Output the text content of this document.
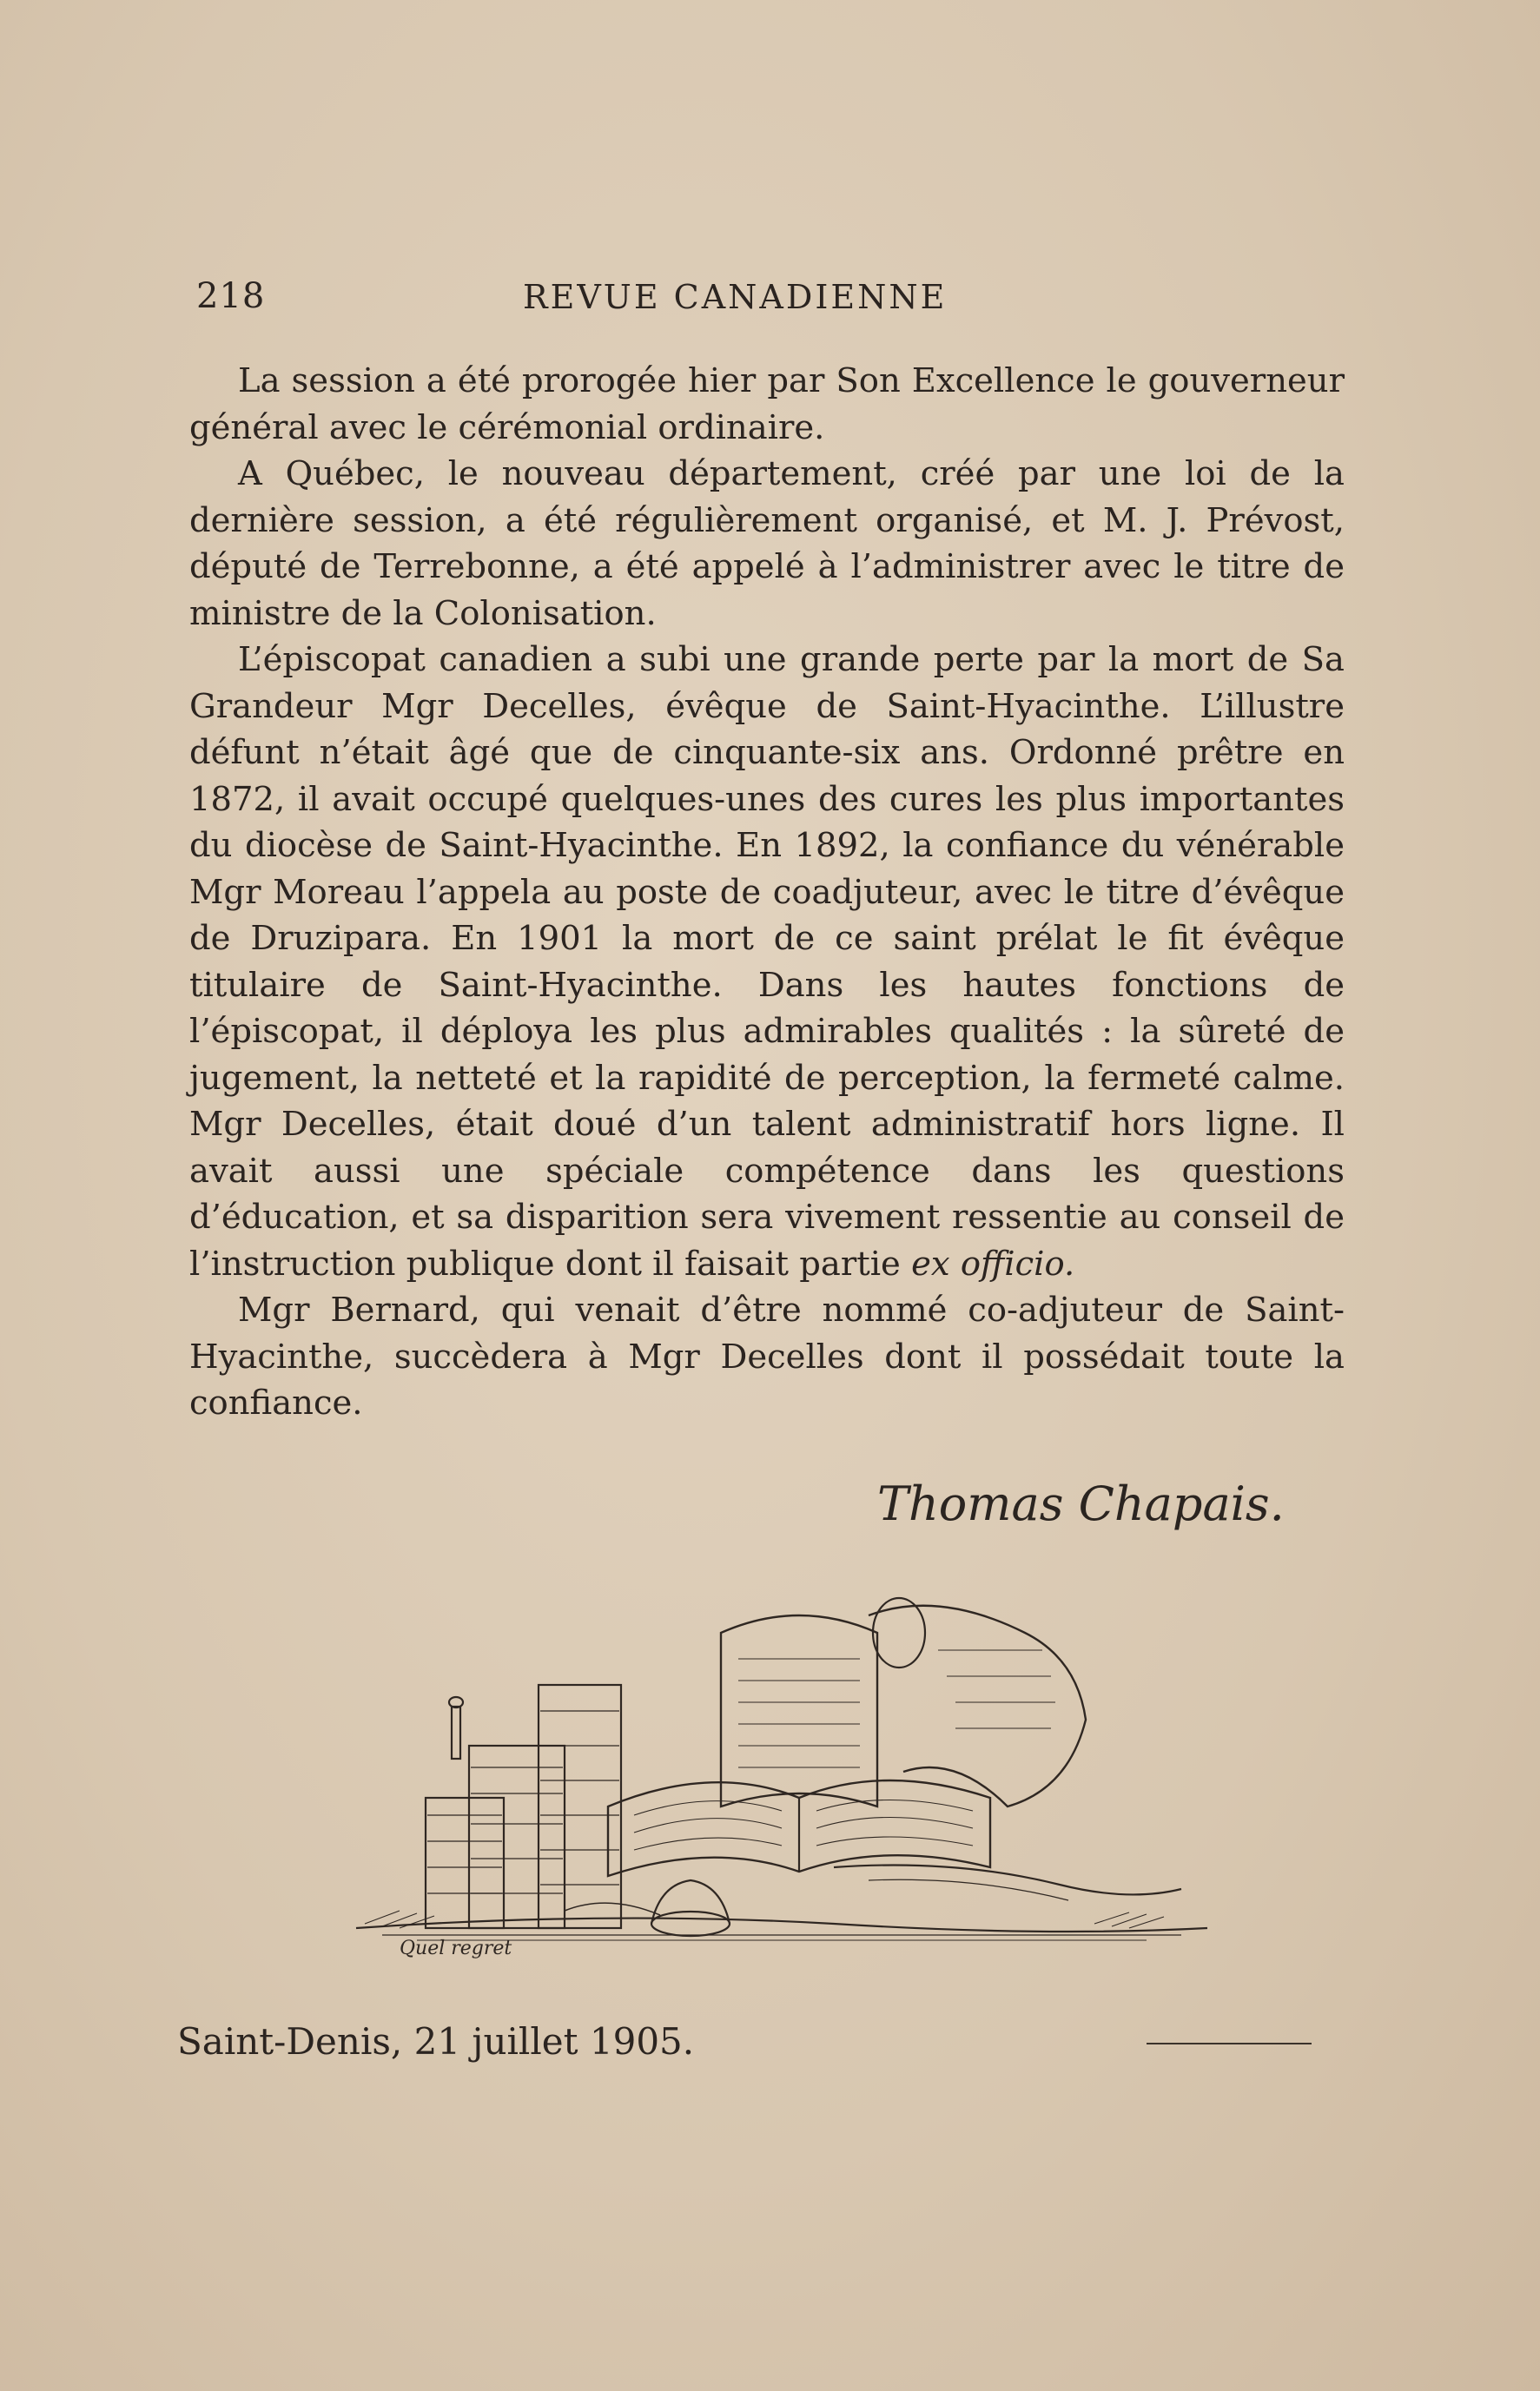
218	REVUE CANADIENNE

La session a été prorogée hier par Son Excellence le gouverneur général avec le cérémonial ordinaire.

A Québec, le nouveau département, créé par une loi de la dernière session, a été régulièrement organisé, et M. J. Prévost, député de Terrebonne, a été appelé à l’administrer avec le titre de ministre de la Colonisation.

L’épiscopat canadien a subi une grande perte par la mort de Sa Grandeur Mgr Decelles, évêque de Saint-Hyacinthe. L’illustre défunt n’était âgé que de cinquante-six ans. Ordonné prêtre en 1872, il avait occupé quelques-unes des cures les plus importantes du diocèse de Saint-Hyacinthe. En 1892, la confiance du vénérable Mgr Moreau l’appela au poste de coadjuteur, avec le titre d’évêque de Druzipara. En 1901 la mort de ce saint prélat le fit évêque titulaire de Saint-Hyacinthe. Dans les hautes fonctions de l’épiscopat, il déploya les plus admirables qualités : la sûreté de jugement, la netteté et la rapidité de perception, la fermeté calme. Mgr Decelles, était doué d’un talent administratif hors ligne. Il avait aussi une spéciale compétence dans les questions d’éducation, et sa disparition sera vivement ressentie au conseil de l’instruction publique dont il faisait partie ex officio.

Mgr Bernard, qui venait d’être nommé co-adjuteur de Saint-Hyacinthe, succèdera à Mgr Decelles dont il possédait toute la confiance.

Thomas Chapais.
Quel regret
Saint-Denis, 21 juillet 1905.
